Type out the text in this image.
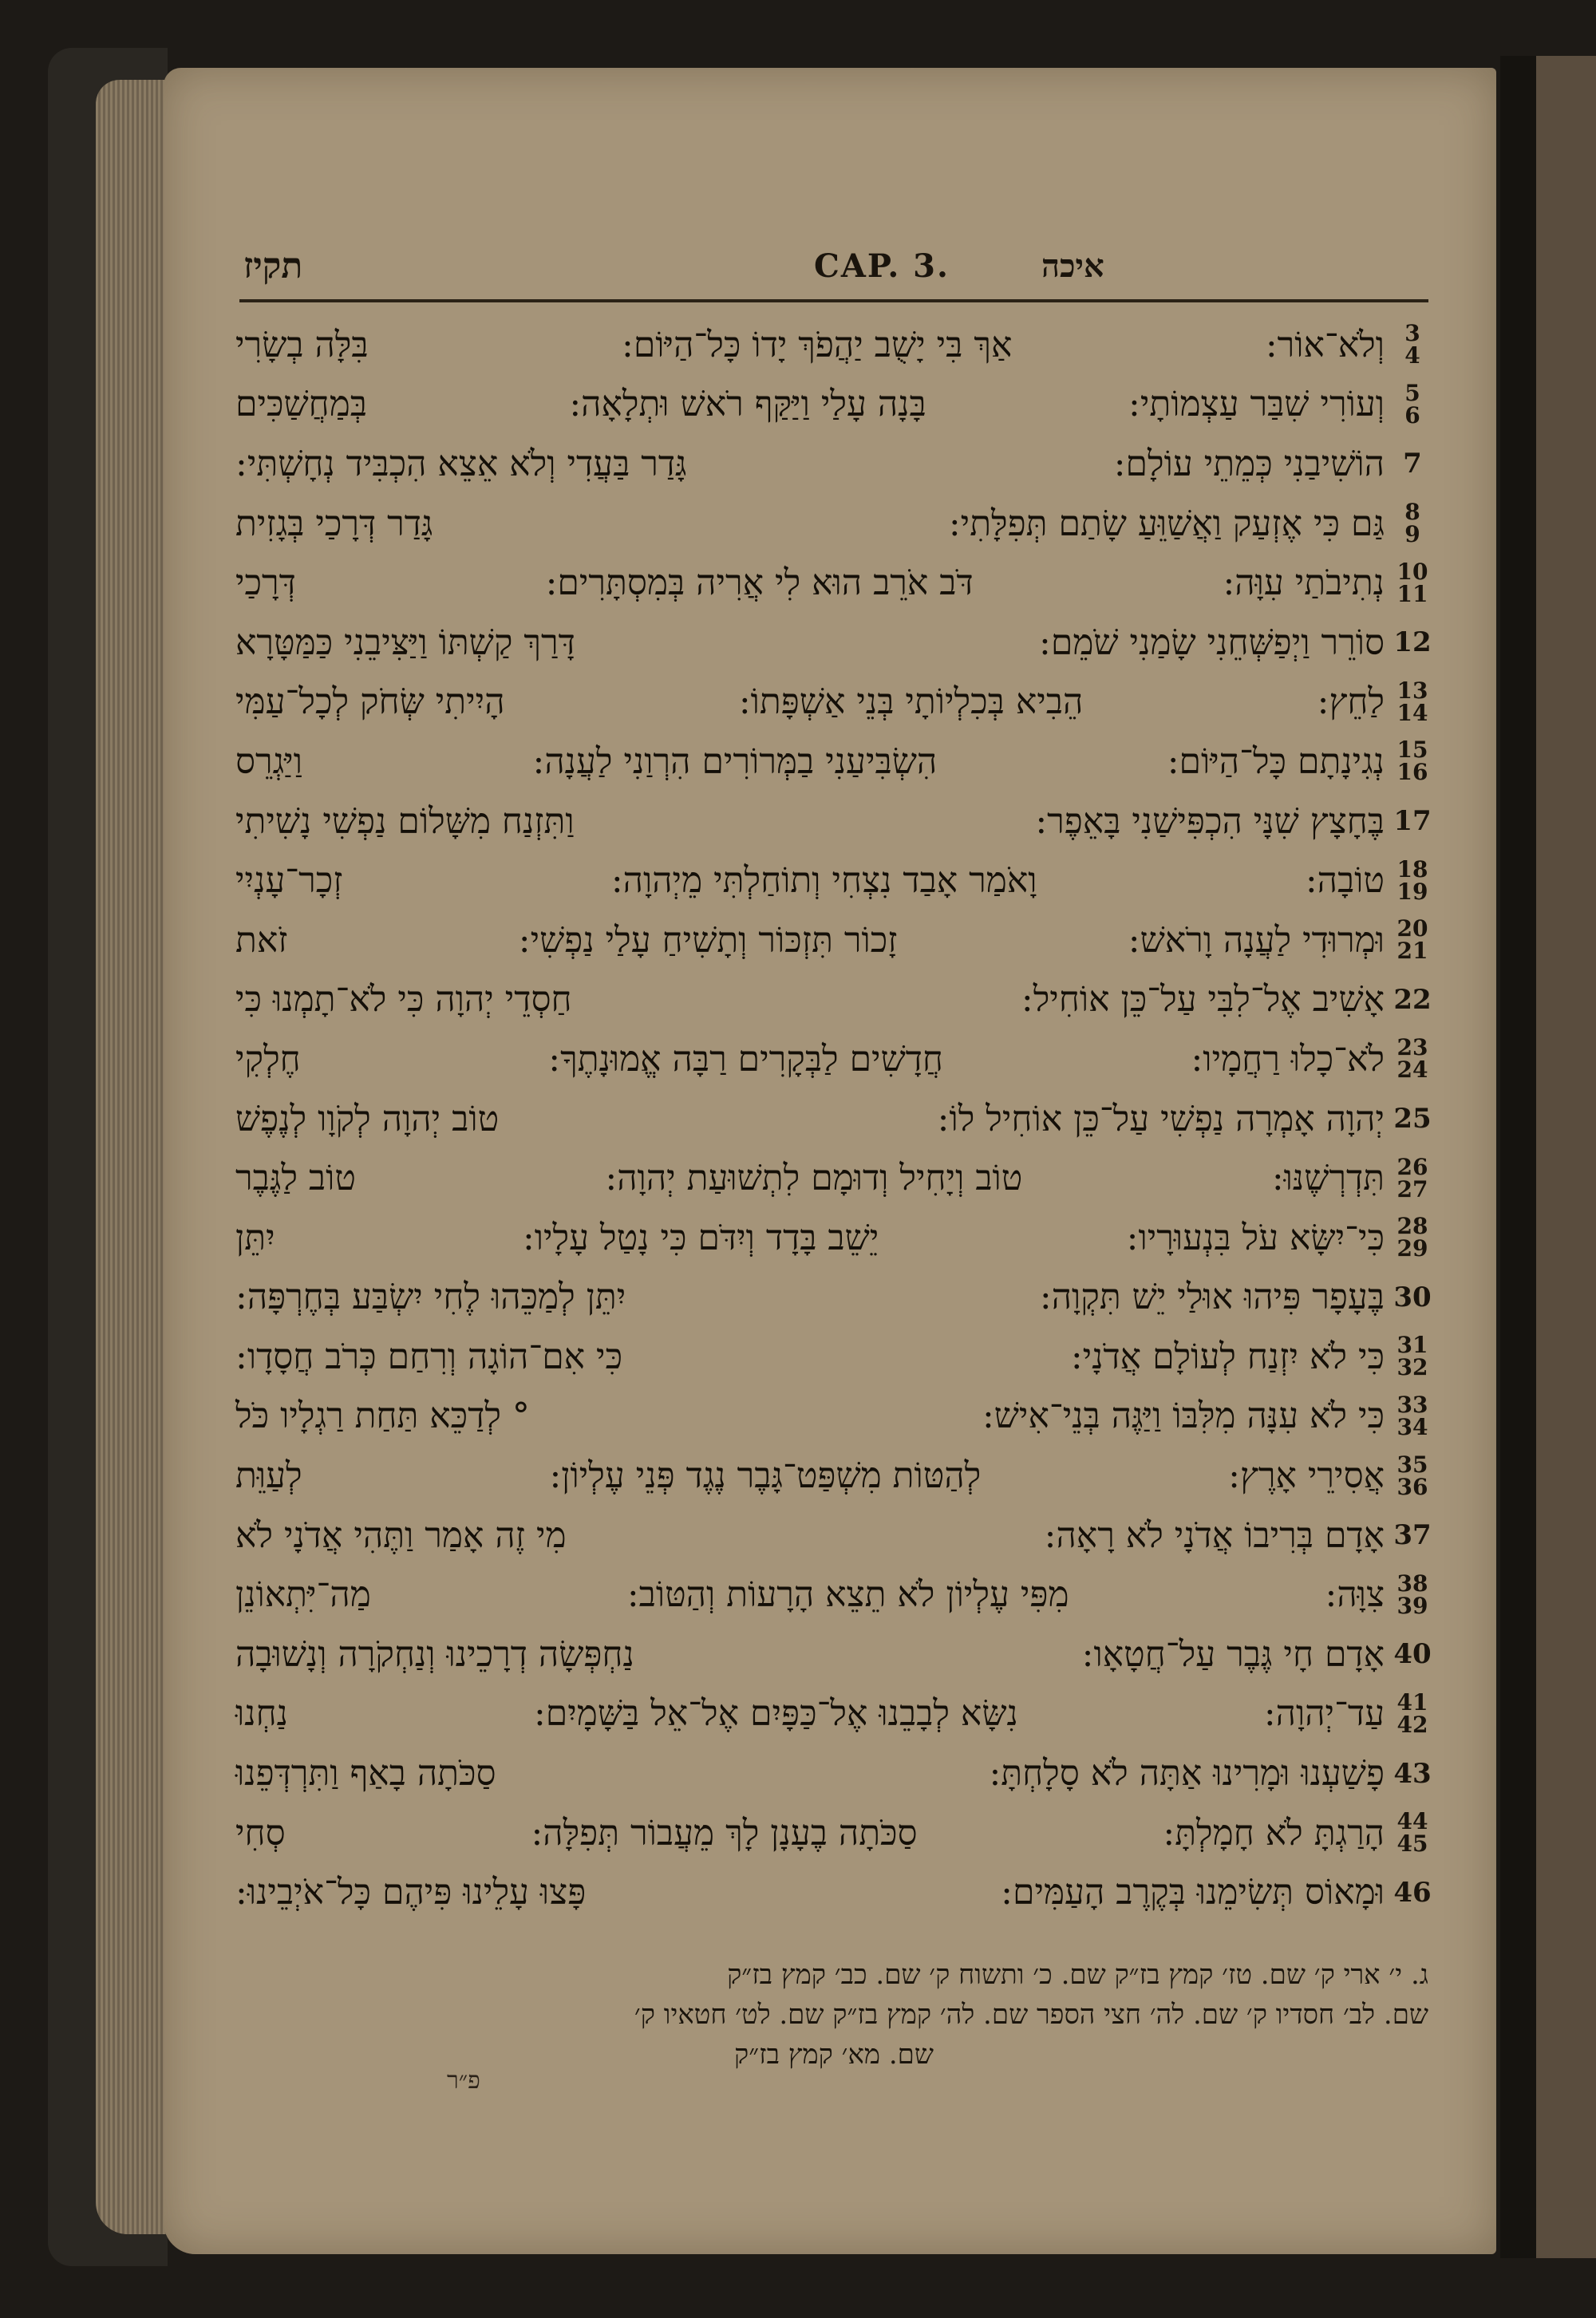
תקיז	CAP. 3.	איכה
וְלֹא־אוֹר:
אַךְ בִּי יָשֻׁב יַהֲפֹךְ יָדוֹ כָּל־הַיּוֹם:
בִּלָּה בְשָׂרִי
וְעוֹרִי שִׁבַּר עַצְמוֹתָי:
בָּנָה עָלַי וַיַּקַּף רֹאשׁ וּתְלָאָה:
בְּמַחֲשַׁכִּים
הוֹשִׁיבַנִי כְּמֵתֵי עוֹלָם:
גָּדַר בַּעֲדִי וְלֹא אֵצֵא הִכְבִּיד נְחָשְׁתִּי:
גַּם כִּי אֶזְעַק וַאֲשַׁוֵּעַ שָׂתַם תְּפִלָּתִי:
גָּדַר דְּרָכַי בְּגָזִית
נְתִיבֹתַי עִוָּה:
דֹּב אֹרֵב הוּא לִי אֲרִיה בְּמִסְתָּרִים:
דְּרָכַי
סוֹרֵר וַיְפַשְּׁחֵנִי שָׂמַנִי שֹׁמֵם:
דָּרַךְ קַשְׁתּוֹ וַיַּצִּיבֵנִי כַּמַּטָּרָא
לַחֵץ:
הֵבִיא בְּכִלְיוֹתָי בְּנֵי אַשְׁפָּתוֹ:
הָיִיתִי שְּׂחֹק לְכָל־עַמִּי
נְגִינָתָם כָּל־הַיּוֹם:
הִשְׂבִּיעַנִי בַמְּרוֹרִים הִרְוַנִי לַעֲנָה:
וַיַּגְרֵס
בֶּחָצָץ שִׁנָּי הִכְפִּישַׁנִי בָּאֵפֶר:
וַתִּזְנַח מִשָּׁלוֹם נַפְשִׁי נָשִׁיתִי
טוֹבָה:
וָאֹמַר אָבַד נִצְחִי וְתוֹחַלְתִּי מֵיְהוָה:
זְכָר־עָנְיִי
וּמְרוּדִי לַעֲנָה וָרֹאשׁ:
זָכוֹר תִּזְכּוֹר וְתָשִׁיחַ עָלַי נַפְשִׁי:
זֹאת
אָשִׁיב אֶל־לִבִּי עַל־כֵּן אוֹחִיל:
חַסְדֵי יְהוָה כִּי לֹא־תָמְנוּ כִּי
לֹא־כָלוּ רַחֲמָיו:
חֲדָשִׁים לַבְּקָרִים רַבָּה אֱמוּנָתֶךָ:
חֶלְקִי
יְהוָה אָמְרָה נַפְשִׁי עַל־כֵּן אוֹחִיל לוֹ:
טוֹב יְהוָה לְקֹוָו לְנֶפֶשׁ
תִּדְרְשֶׁנּוּ:
טוֹב וְיָחִיל וְדוּמָם לִתְשׁוּעַת יְהוָה:
טוֹב לַגֶּבֶר
כִּי־יִשָּׂא עֹל בִּנְעוּרָיו:
יֵשֵׁב בָּדָד וְיִדֹּם כִּי נָטַל עָלָיו:
יִתֵּן
בֶּעָפָר פִּיהוּ אוּלַי יֵשׁ תִּקְוָה:
יִתֵּן לְמַכֵּהוּ לֶחִי יִשְׂבַּע בְּחֶרְפָּה:
כִּי לֹא יִזְנַח לְעוֹלָם אֲדֹנָי:
כִּי אִם־הוֹגָה וְרִחַם כְּרֹב חֲסָדָו:
כִּי לֹא עִנָּה מִלִּבּוֹ וַיַּגֶּה בְּנֵי־אִישׁ:
° לְדַכֵּא תַּחַת רַגְלָיו כֹּל
אֲסִירֵי אָרֶץ:
לְהַטּוֹת מִשְׁפַּט־גָּבֶר נֶגֶד פְּנֵי עֶלְיוֹן:
לְעַוֵּת
אָדָם בְּרִיבוֹ אֲדֹנָי לֹא רָאָה:
מִי זֶה אָמַר וַתֶּהִי אֲדֹנָי לֹא
צִוָּה:
מִפִּי עֶלְיוֹן לֹא תֵצֵא הָרָעוֹת וְהַטּוֹב:
מַה־יִּתְאוֹנֵן
אָדָם חָי גֶּבֶר עַל־חֲטָאָו:
נַחְפְּשָׂה דְרָכֵינוּ וְנַחְקֹרָה וְנָשׁוּבָה
עַד־יְהוָה:
נִשָּׂא לְבָבֵנוּ אֶל־כַּפָּיִם אֶל־אֵל בַּשָּׁמָיִם:
נַחְנוּ
פָשַׁעְנוּ וּמָרִינוּ אַתָּה לֹא סָלָחְתָּ:
סַכֹּתָה בָאַף וַתִּרְדְּפֵנוּ
הָרַגְתָּ לֹא חָמָלְתָּ:
סַכֹּתָה בֶעָנָן לָךְ מֵעֲבוֹר תְּפִלָּה:
סְחִי
וּמָאוֹס תְּשִׂימֵנוּ בְּקֶרֶב הָעַמִּים:
פָּצוּ עָלֵינוּ פִּיהֶם כָּל־אֹיְבֵינוּ:
3
4
5
6
7
8
9
10
11
12
13
14
15
16
17
18
19
20
21
22
23
24
25
26
27
28
29
30
31
32
33
34
35
36
37
38
39
40
41
42
43
44
45
46
ג. י׳ ארי ק׳ שם. טז׳ קמץ בז״ק שם. כ׳ ותשוח ק׳ שם. כב׳ קמץ בז״ק
שם. לב׳ חסדיו ק׳ שם. לה׳ חצי הספר שם. לה׳ קמץ בז״ק שם. לט׳ חטאיו ק׳
שם. מא׳ קמץ בז״ק
פ״ר
